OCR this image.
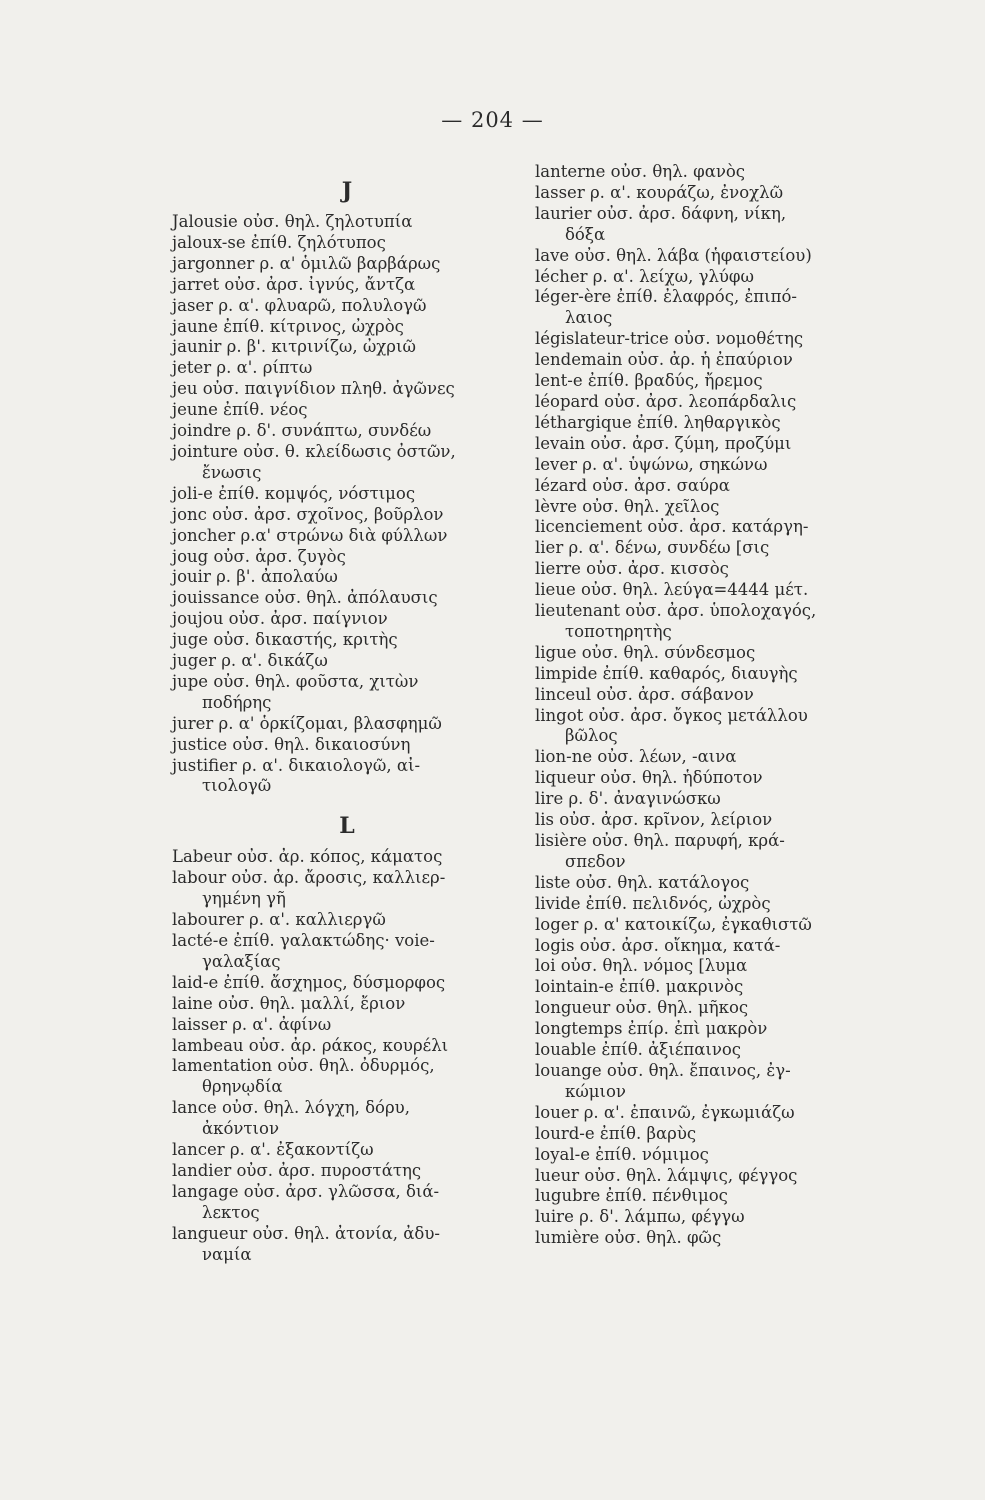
— 204 —
J
Jalousie οὐσ. θηλ. ζηλοτυπία
jaloux-se ἐπίθ. ζηλότυπος
jargonner ρ. α' ὁμιλῶ βαρβάρως
jarret οὐσ. ἀρσ. ἰγνύς, ἄντζα
jaser ρ. α'. φλυαρῶ, πολυλογῶ
jaune ἐπίθ. κίτρινος, ὠχρὸς
jaunir ρ. β'. κιτρινίζω, ὠχριῶ
jeter ρ. α'. ρίπτω
jeu οὐσ. παιγνίδιον πληθ. ἀγῶνες
jeune ἐπίθ. νέος
joindre ρ. δ'. συνάπτω, συνδέω
jointure οὐσ. θ. κλείδωσις ὀστῶν,
ἔνωσις
joli-e ἐπίθ. κομψός, νόστιμος
jonc οὐσ. ἀρσ. σχοῖνος, βοῦρλον
joncher ρ.α' στρώνω διὰ φύλλων
joug οὐσ. ἀρσ. ζυγὸς
jouir ρ. β'. ἀπολαύω
jouissance οὐσ. θηλ. ἀπόλαυσις
joujou οὐσ. ἀρσ. παίγνιον
juge οὐσ. δικαστής, κριτὴς
juger ρ. α'. δικάζω
jupe οὐσ. θηλ. φοῦστα, χιτὼν
ποδήρης
jurer ρ. α' ὁρκίζομαι, βλασφημῶ
justice οὐσ. θηλ. δικαιοσύνη
justifier ρ. α'. δικαιολογῶ, αἰ-
τιολογῶ
L
Labeur οὐσ. ἀρ. κόπος, κάματος
labour οὐσ. ἀρ. ἄροσις, καλλιερ-
γημένη γῆ
labourer ρ. α'. καλλιεργῶ
lacté-e ἐπίθ. γαλακτώδης· voie-
γαλαξίας
laid-e ἐπίθ. ἄσχημος, δύσμορφος
laine οὐσ. θηλ. μαλλί, ἔριον
laisser ρ. α'. ἀφίνω
lambeau οὐσ. ἀρ. ράκος, κουρέλι
lamentation οὐσ. θηλ. ὀδυρμός,
θρηνῳδία
lance οὐσ. θηλ. λόγχη, δόρυ,
ἀκόντιον
lancer ρ. α'. ἐξακοντίζω
landier οὐσ. ἀρσ. πυροστάτης
langage οὐσ. ἀρσ. γλῶσσα, διά-
λεκτος
langueur οὐσ. θηλ. ἀτονία, ἀδυ-
ναμία
lanterne οὐσ. θηλ. φανὸς
lasser ρ. α'. κουράζω, ἐνοχλῶ
laurier οὐσ. ἀρσ. δάφνη, νίκη,
δόξα
lave οὐσ. θηλ. λάβα (ἡφαιστείου)
lécher ρ. α'. λείχω, γλύφω
léger-ère ἐπίθ. ἐλαφρός, ἐπιπό-
λαιος
législateur-trice οὐσ. νομοθέτης
lendemain οὐσ. ἀρ. ἡ ἐπαύριον
lent-e ἐπίθ. βραδύς, ἤρεμος
léopard οὐσ. ἀρσ. λεοπάρδαλις
léthargique ἐπίθ. ληθαργικὸς
levain οὐσ. ἀρσ. ζύμη, προζύμι
lever ρ. α'. ὑψώνω, σηκώνω
lézard οὐσ. ἀρσ. σαύρα
lèvre οὐσ. θηλ. χεῖλος
licenciement οὐσ. ἀρσ. κατάργη-
lier ρ. α'. δένω, συνδέω [σις
lierre οὐσ. ἀρσ. κισσὸς
lieue οὐσ. θηλ. λεύγα=4444 μέτ.
lieutenant οὐσ. ἀρσ. ὑπολοχαγός,
τοποτηρητὴς
ligue οὐσ. θηλ. σύνδεσμος
limpide ἐπίθ. καθαρός, διαυγὴς
linceul οὐσ. ἀρσ. σάβανον
lingot οὐσ. ἀρσ. ὄγκος μετάλλου
βῶλος
lion-ne οὐσ. λέων, -αινα
liqueur οὐσ. θηλ. ἡδύποτον
lire ρ. δ'. ἀναγινώσκω
lis οὐσ. ἀρσ. κρῖνον, λείριον
lisière οὐσ. θηλ. παρυφή, κρά-
σπεδον
liste οὐσ. θηλ. κατάλογος
livide ἐπίθ. πελιδνός, ὠχρὸς
loger ρ. α' κατοικίζω, ἐγκαθιστῶ
logis οὐσ. ἀρσ. οἴκημα, κατά-
loi οὐσ. θηλ. νόμος [λυμα
lointain-e ἐπίθ. μακρινὸς
longueur οὐσ. θηλ. μῆκος
longtemps ἐπίρ. ἐπὶ μακρὸν
louable ἐπίθ. ἀξιέπαινος
louange οὐσ. θηλ. ἔπαινος, ἐγ-
κώμιον
louer ρ. α'. ἐπαινῶ, ἐγκωμιάζω
lourd-e ἐπίθ. βαρὺς
loyal-e ἐπίθ. νόμιμος
lueur οὐσ. θηλ. λάμψις, φέγγος
lugubre ἐπίθ. πένθιμος
luire ρ. δ'. λάμπω, φέγγω
lumière οὐσ. θηλ. φῶς
